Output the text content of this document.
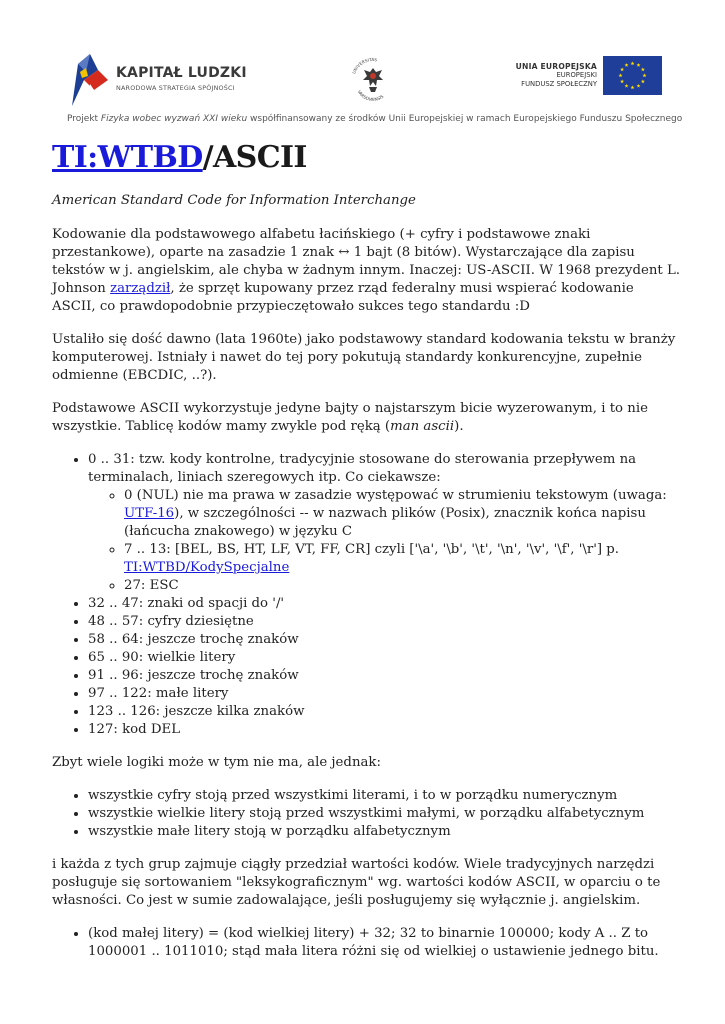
KAPITAŁ LUDZKI
NARODOWA STRATEGIA SPÓJNOŚCI
UNIVERSITAS
VARSOVIENSIS
UNIA EUROPEJSKA
EUROPEJSKI
FUNDUSZ SPOŁECZNY
Projekt Fizyka wobec wyzwań XXI wieku współfinansowany ze środków Unii Europejskiej w ramach Europejskiego Funduszu Społecznego
TI:WTBD/ASCII

American Standard Code for Information Interchange

Kodowanie dla podstawowego alfabetu łacińskiego (+ cyfry i podstawowe znaki przestankowe), oparte na zasadzie 1 znak ↔ 1 bajt (8 bitów). Wystarczające dla zapisu tekstów w j. angielskim, ale chyba w żadnym innym. Inaczej: US-ASCII. W 1968 prezydent L. Johnson zarządził, że sprzęt kupowany przez rząd federalny musi wspierać kodowanie ASCII, co prawdopodobnie przypieczętowało sukces tego standardu :D

Ustaliło się dość dawno (lata 1960te) jako podstawowy standard kodowania tekstu w branży komputerowej. Istniały i nawet do tej pory pokutują standardy konkurencyjne, zupełnie odmienne (EBCDIC, ..?).

Podstawowe ASCII wykorzystuje jedyne bajty o najstarszym bicie wyzerowanym, i to nie wszystkie. Tablicę kodów mamy zwykle pod ręką (man ascii).

• 0 .. 31: tzw. kody kontrolne, tradycyjnie stosowane do sterowania przepływem na terminalach, liniach szeregowych itp. Co ciekawsze:
◦ 0 (NUL) nie ma prawa w zasadzie występować w strumieniu tekstowym (uwaga: UTF-16), w szczególności -- w nazwach plików (Posix), znacznik końca napisu (łańcucha znakowego) w języku C
◦ 7 .. 13: [BEL, BS, HT, LF, VT, FF, CR] czyli ['\a', '\b', '\t', '\n', '\v', '\f', '\r'] p. TI:WTBD/KodySpecjalne
◦ 27: ESC
• 32 .. 47: znaki od spacji do '/'
• 48 .. 57: cyfry dziesiętne
• 58 .. 64: jeszcze trochę znaków
• 65 .. 90: wielkie litery
• 91 .. 96: jeszcze trochę znaków
• 97 .. 122: małe litery
• 123 .. 126: jeszcze kilka znaków
• 127: kod DEL

Zbyt wiele logiki może w tym nie ma, ale jednak:

• wszystkie cyfry stoją przed wszystkimi literami, i to w porządku numerycznym
• wszystkie wielkie litery stoją przed wszystkimi małymi, w porządku alfabetycznym
• wszystkie małe litery stoją w porządku alfabetycznym

i każda z tych grup zajmuje ciągły przedział wartości kodów. Wiele tradycyjnych narzędzi posługuje się sortowaniem "leksykograficznym" wg. wartości kodów ASCII, w oparciu o te własności. Co jest w sumie zadowalające, jeśli posługujemy się wyłącznie j. angielskim.

• (kod małej litery) = (kod wielkiej litery) + 32; 32 to binarnie 100000; kody A .. Z to 1000001 .. 1011010; stąd mała litera różni się od wielkiej o ustawienie jednego bitu.
